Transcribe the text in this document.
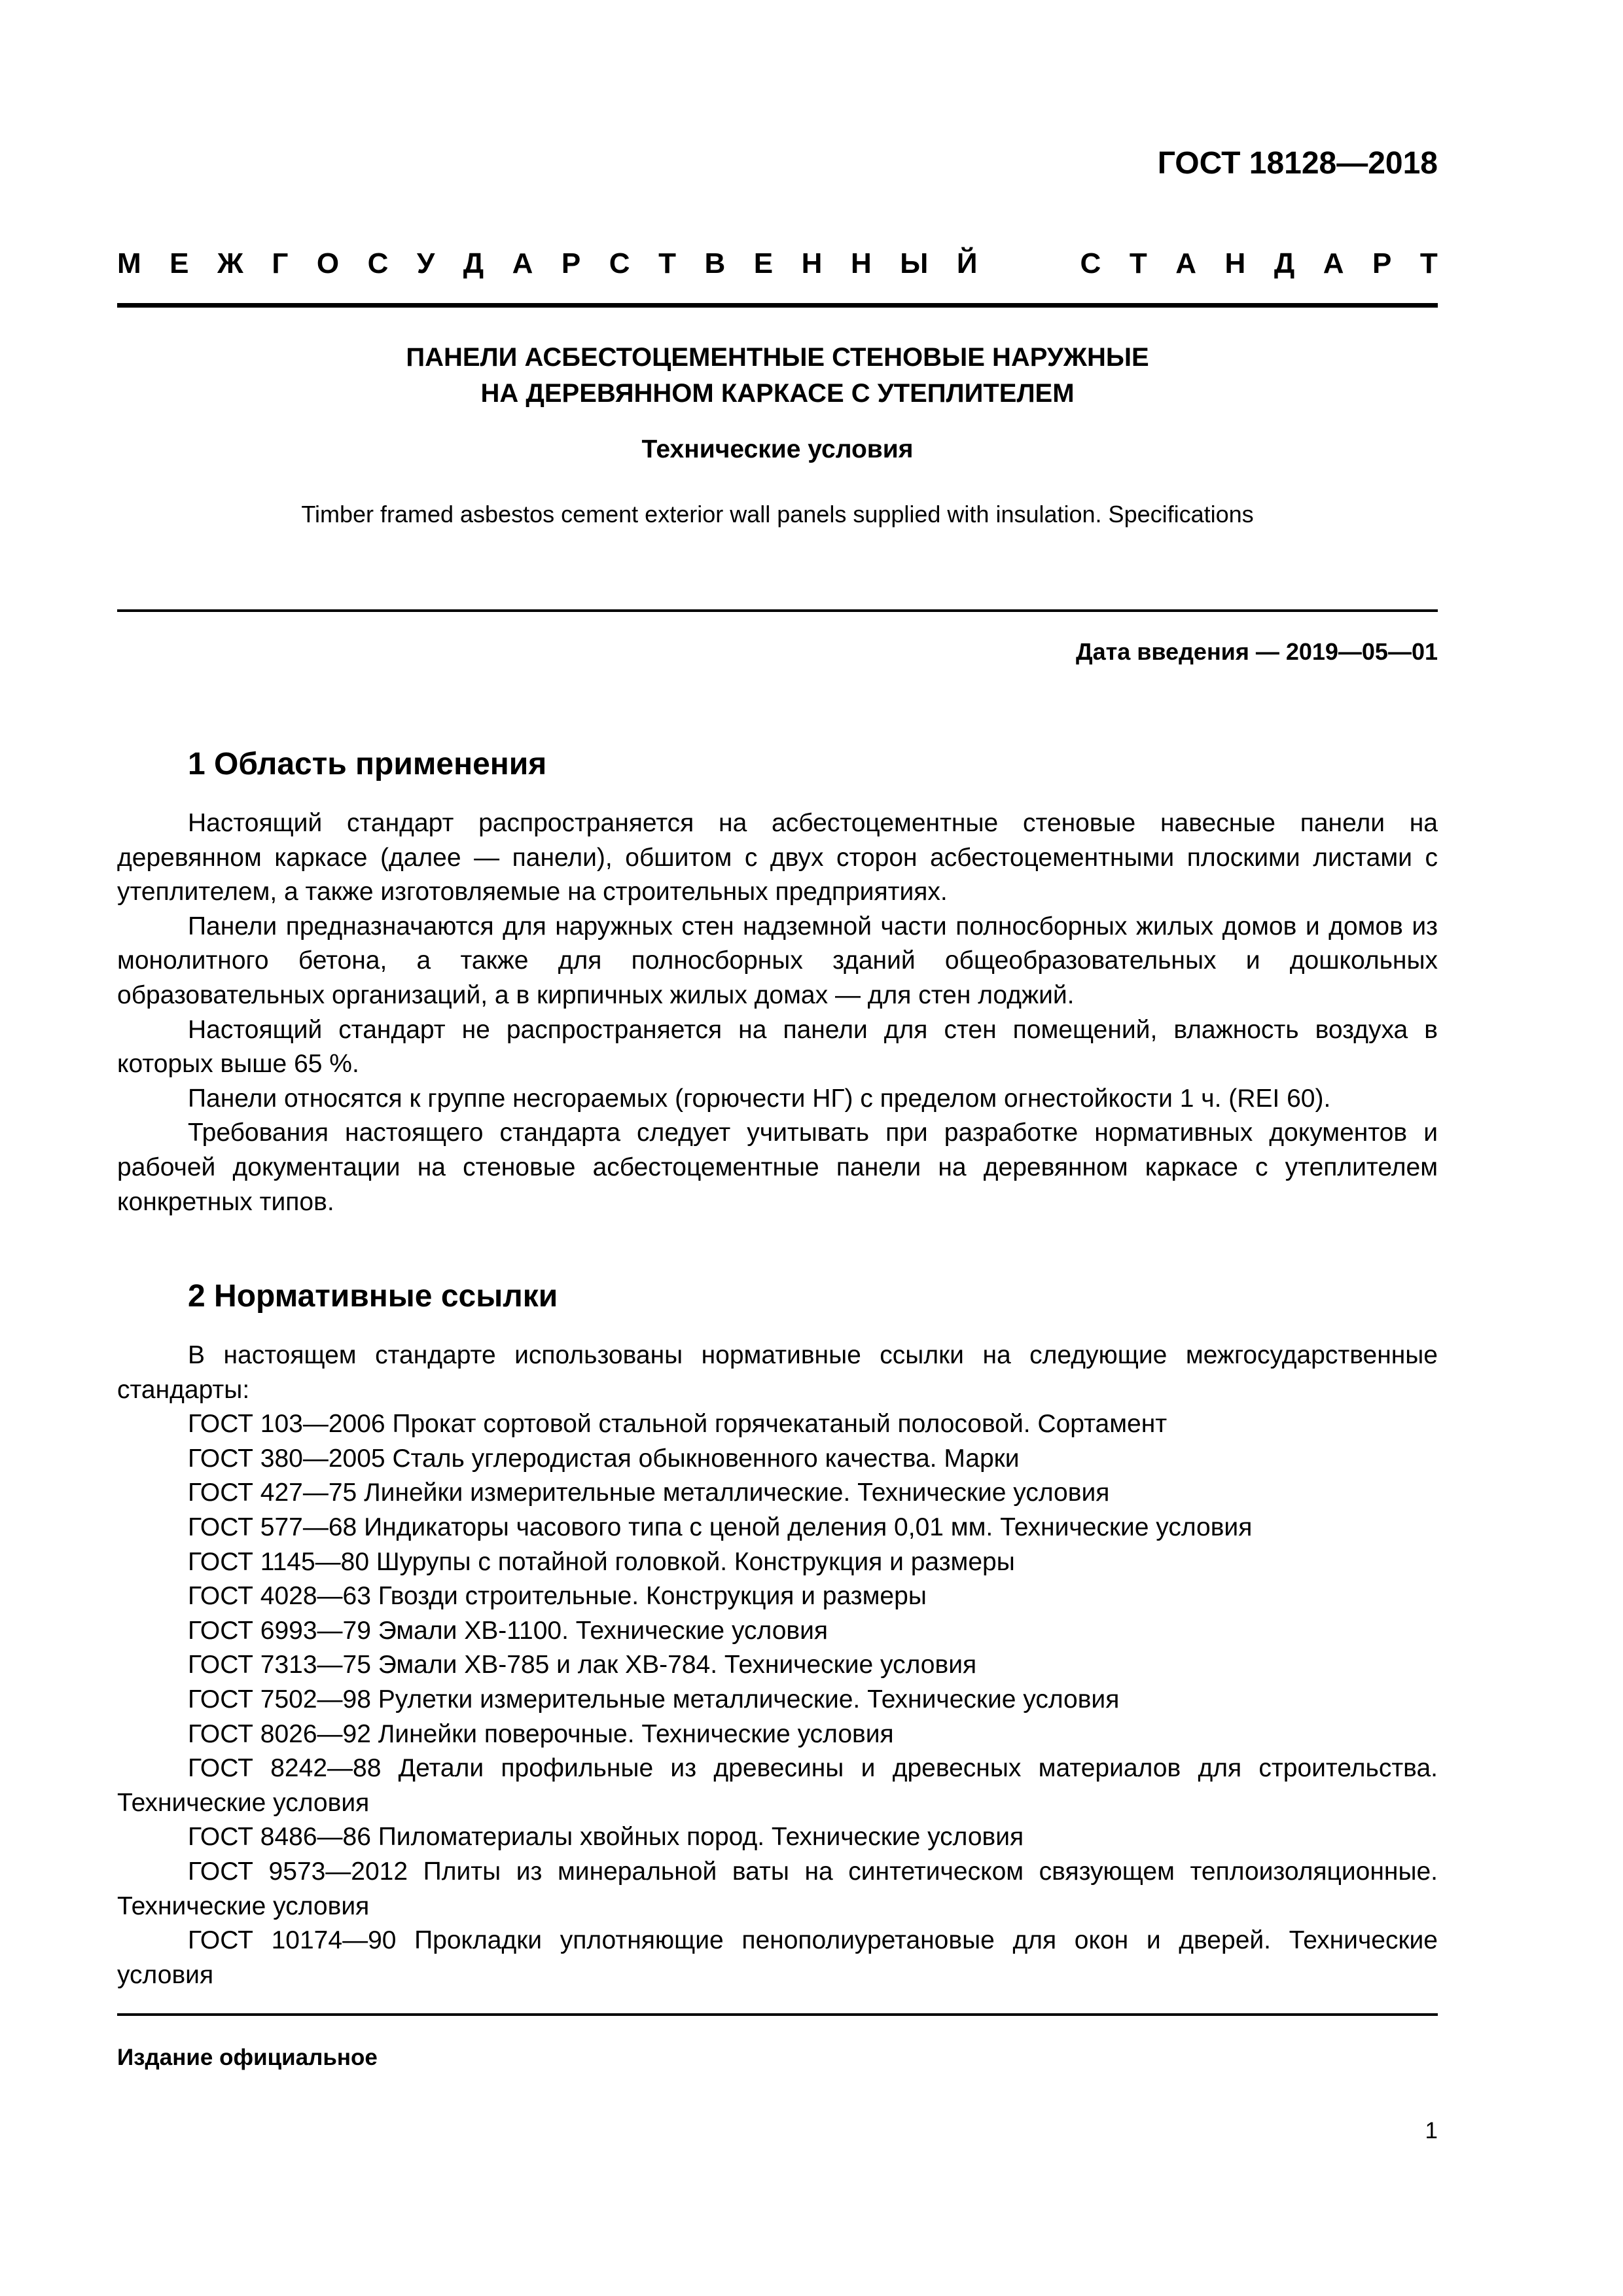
ГОСТ 18128—2018
М Е Ж Г О С У Д А Р С Т В Е Н Н Ы Й	С Т А Н Д А Р Т
ПАНЕЛИ АСБЕСТОЦЕМЕНТНЫЕ СТЕНОВЫЕ НАРУЖНЫЕ
НА ДЕРЕВЯННОМ КАРКАСЕ С УТЕПЛИТЕЛЕМ
Технические условия
Timber framed asbestos cement exterior wall panels supplied with insulation. Specifications
Дата введения — 2019—05—01
1 Область применения

Настоящий стандарт распространяется на асбестоцементные стеновые навесные панели на деревянном каркасе (далее — панели), обшитом с двух сторон асбестоцементными плоскими листами с утеплителем, а также изготовляемые на строительных предприятиях.

Панели предназначаются для наружных стен надземной части полносборных жилых домов и домов из монолитного бетона, а также для полносборных зданий общеобразовательных и дошкольных образовательных организаций, а в кирпичных жилых домах — для стен лоджий.

Настоящий стандарт не распространяется на панели для стен помещений, влажность воздуха в которых выше 65 %.

Панели относятся к группе несгораемых (горючести НГ) с пределом огнестойкости 1 ч. (REI 60).

Требования настоящего стандарта следует учитывать при разработке нормативных документов и рабочей документации на стеновые асбестоцементные панели на деревянном каркасе с утеплителем конкретных типов.

2 Нормативные ссылки

В настоящем стандарте использованы нормативные ссылки на следующие межгосударственные стандарты:

ГОСТ 103—2006 Прокат сортовой стальной горячекатаный полосовой. Сортамент

ГОСТ 380—2005 Сталь углеродистая обыкновенного качества. Марки

ГОСТ 427—75 Линейки измерительные металлические. Технические условия

ГОСТ 577—68 Индикаторы часового типа с ценой деления 0,01 мм. Технические условия

ГОСТ 1145—80 Шурупы с потайной головкой. Конструкция и размеры

ГОСТ 4028—63 Гвозди строительные. Конструкция и размеры

ГОСТ 6993—79 Эмали ХВ-1100. Технические условия

ГОСТ 7313—75 Эмали ХВ-785 и лак ХВ-784. Технические условия

ГОСТ 7502—98 Рулетки измерительные металлические. Технические условия

ГОСТ 8026—92 Линейки поверочные. Технические условия

ГОСТ 8242—88 Детали профильные из древесины и древесных материалов для строительства. Технические условия

ГОСТ 8486—86 Пиломатериалы хвойных пород. Технические условия

ГОСТ 9573—2012 Плиты из минеральной ваты на синтетическом связующем теплоизоляционные. Технические условия

ГОСТ 10174—90 Прокладки уплотняющие пенополиуретановые для окон и дверей. Технические условия

Издание официальное
1
